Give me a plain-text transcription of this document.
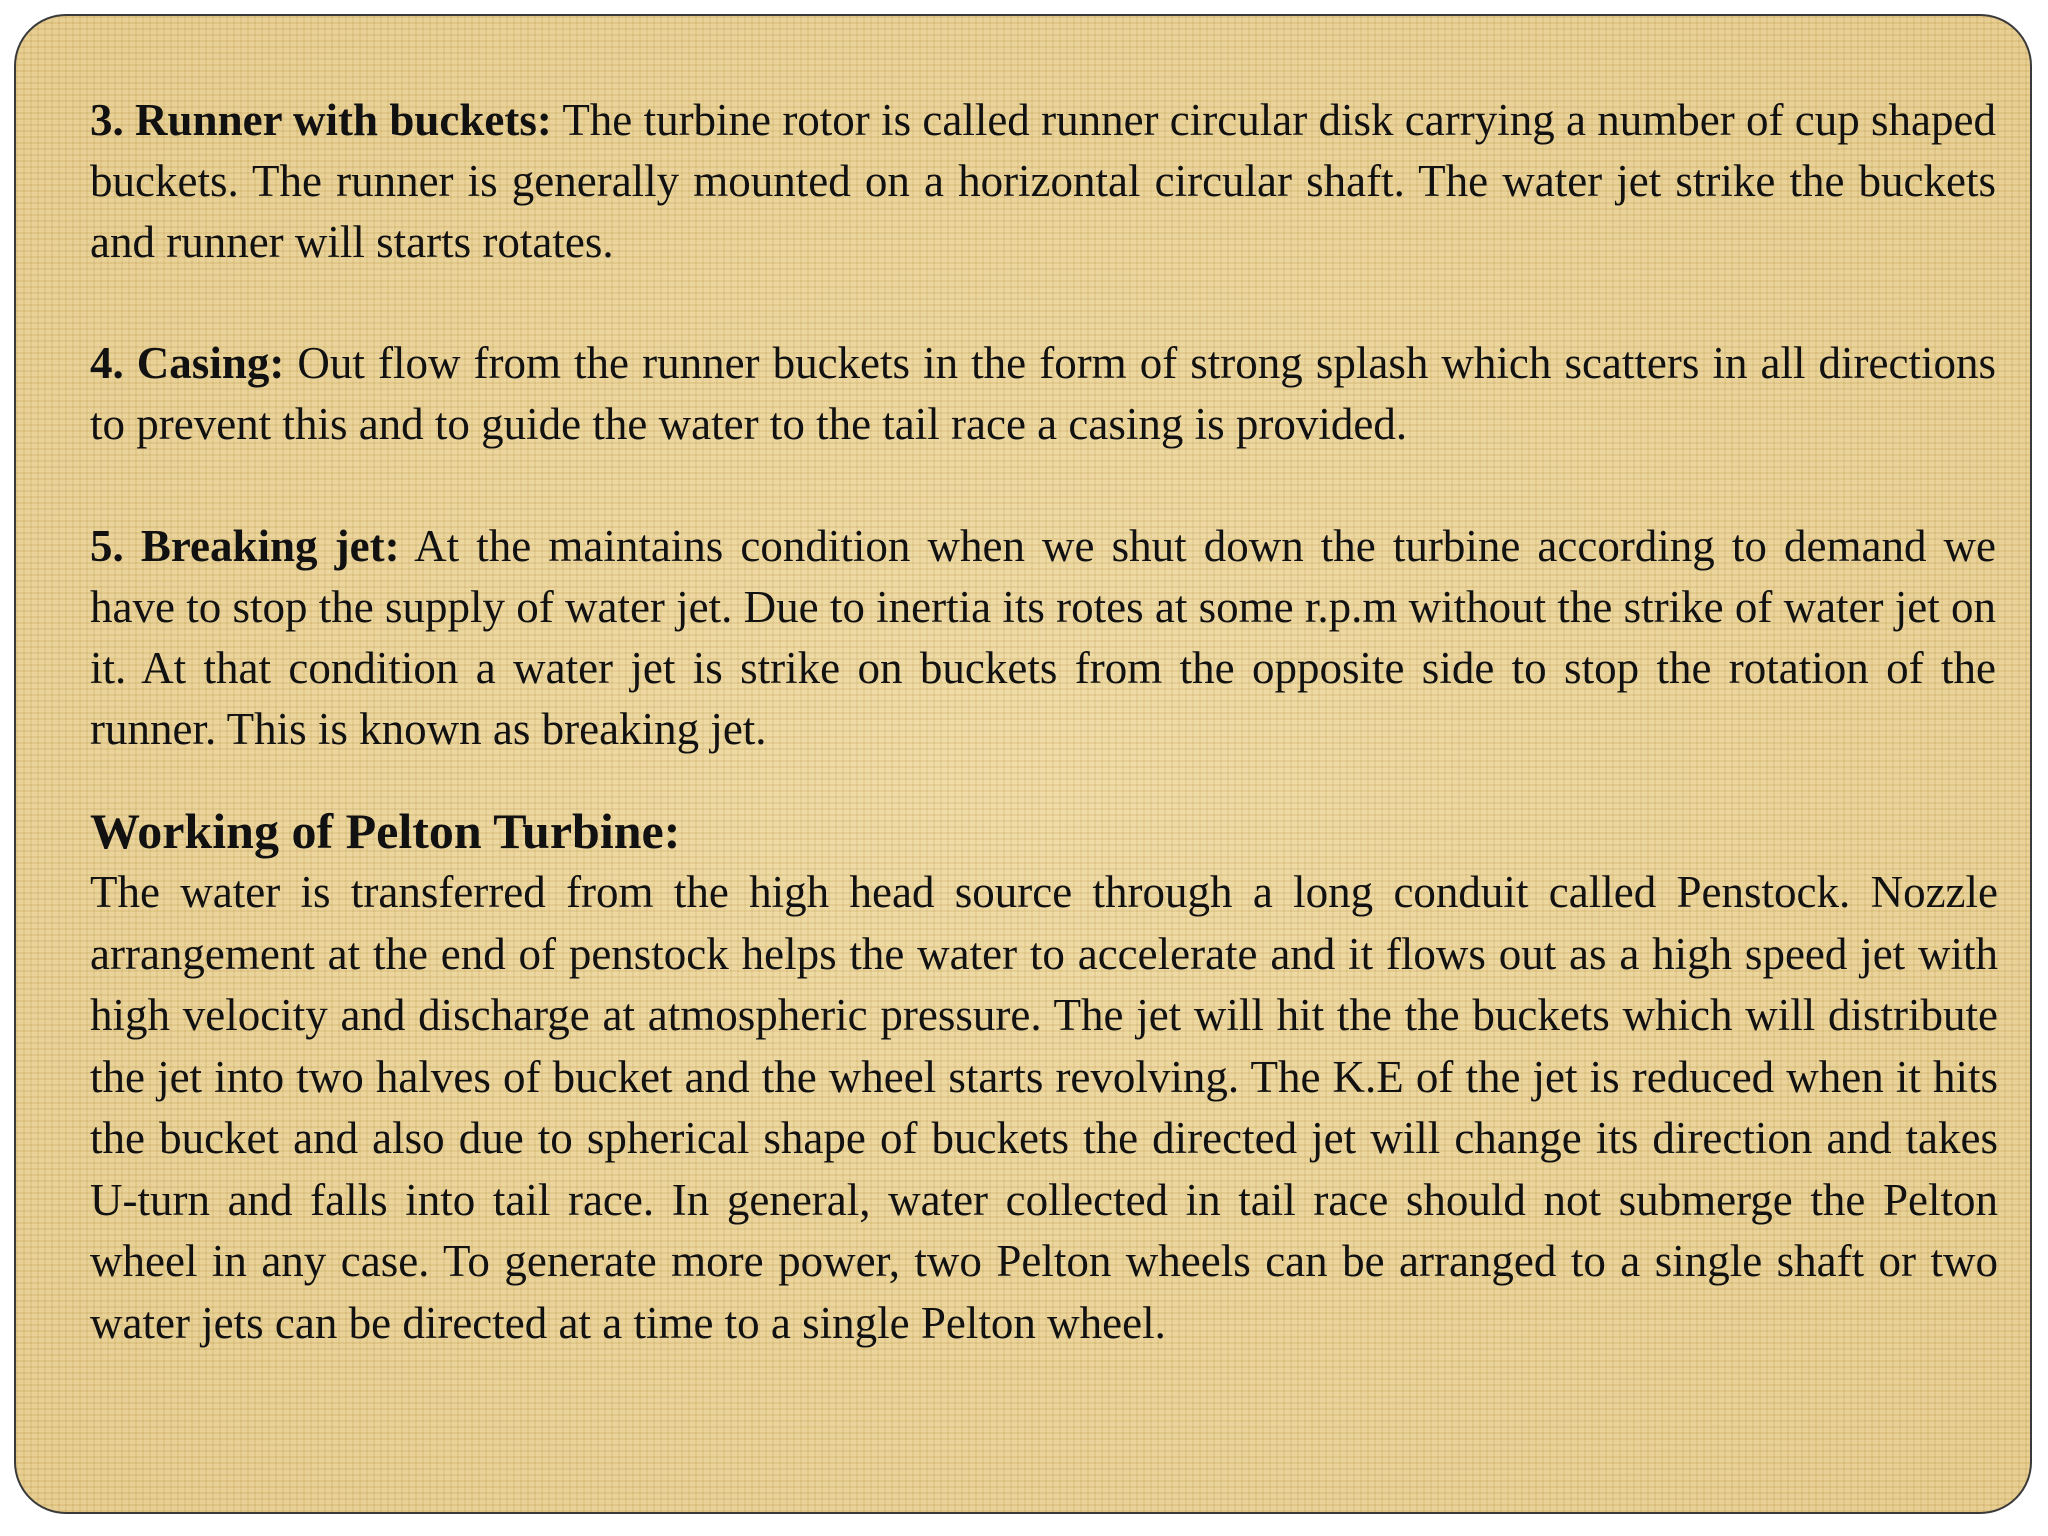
3. Runner with buckets: The turbine rotor is called runner circular disk carrying a number of cup shaped buckets. The runner is generally mounted on a horizontal circular shaft. The water jet strike the buckets and runner will starts rotates.

4. Casing: Out flow from the runner buckets in the form of strong splash which scatters in all directions to prevent this and to guide the water to the tail race a casing is provided.

5. Breaking jet: At the maintains condition when we shut down the turbine according to demand we have to stop the supply of water jet. Due to inertia its rotes at some r.p.m without the strike of water jet on it. At that condition a water jet is strike on buckets from the opposite side to stop the rotation of the runner. This is known as breaking jet.

Working of Pelton Turbine:

The water is transferred from the high head source through a long conduit called Penstock. Nozzle arrangement at the end of penstock helps the water to accelerate and it flows out as a high speed jet with high velocity and discharge at atmospheric pressure. The jet will hit the the buckets which will distribute the jet into two halves of bucket and the wheel starts revolving. The K.E of the jet is reduced when it hits the bucket and also due to spherical shape of buckets the directed jet will change its direction and takes U-turn and falls into tail race. In general, water collected in tail race should not submerge the Pelton wheel in any case. To generate more power, two Pelton wheels can be arranged to a single shaft or two water jets can be directed at a time to a single Pelton wheel.
